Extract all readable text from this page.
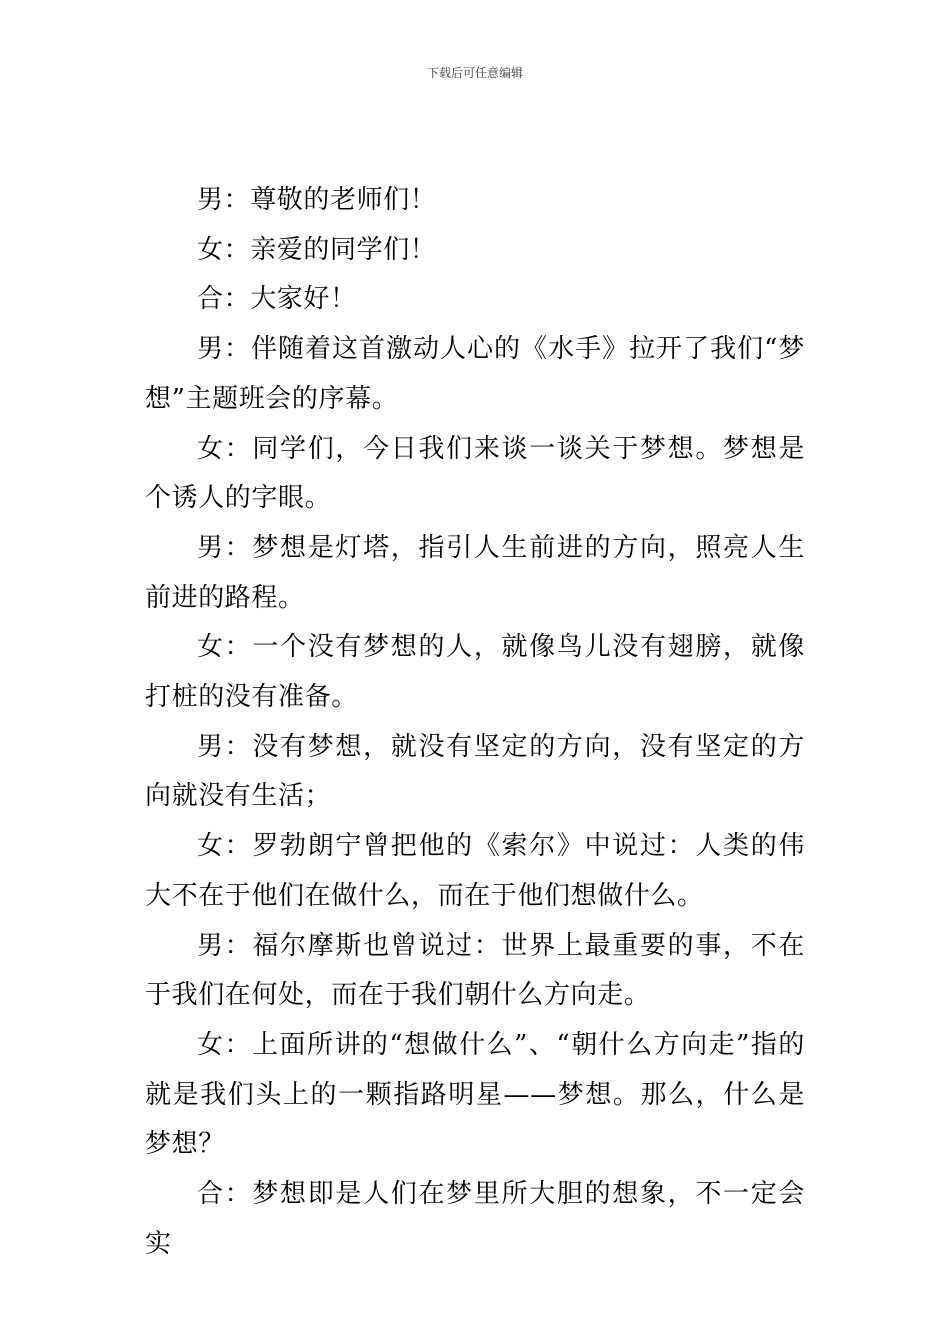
下载后可任意编辑

男：尊敬的老师们！

女：亲爱的同学们！

合：大家好！

男：伴随着这首激动人心的《水手》拉开了我们“梦想”主题班会的序幕。

女：同学们，今日我们来谈一谈关于梦想。梦想是个诱人的字眼。

男：梦想是灯塔，指引人生前进的方向，照亮人生前进的路程。

女：一个没有梦想的人，就像鸟儿没有翅膀，就像打桩的没有准备。

男：没有梦想，就没有坚定的方向，没有坚定的方向就没有生活；

女：罗勃朗宁曾把他的《索尔》中说过：人类的伟大不在于他们在做什么，而在于他们想做什么。

男：福尔摩斯也曾说过：世界上最重要的事，不在于我们在何处，而在于我们朝什么方向走。

女：上面所讲的“想做什么”、“朝什么方向走”指的就是我们头上的一颗指路明星——梦想。那么，什么是梦想？

合：梦想即是人们在梦里所大胆的想象，不一定会实
